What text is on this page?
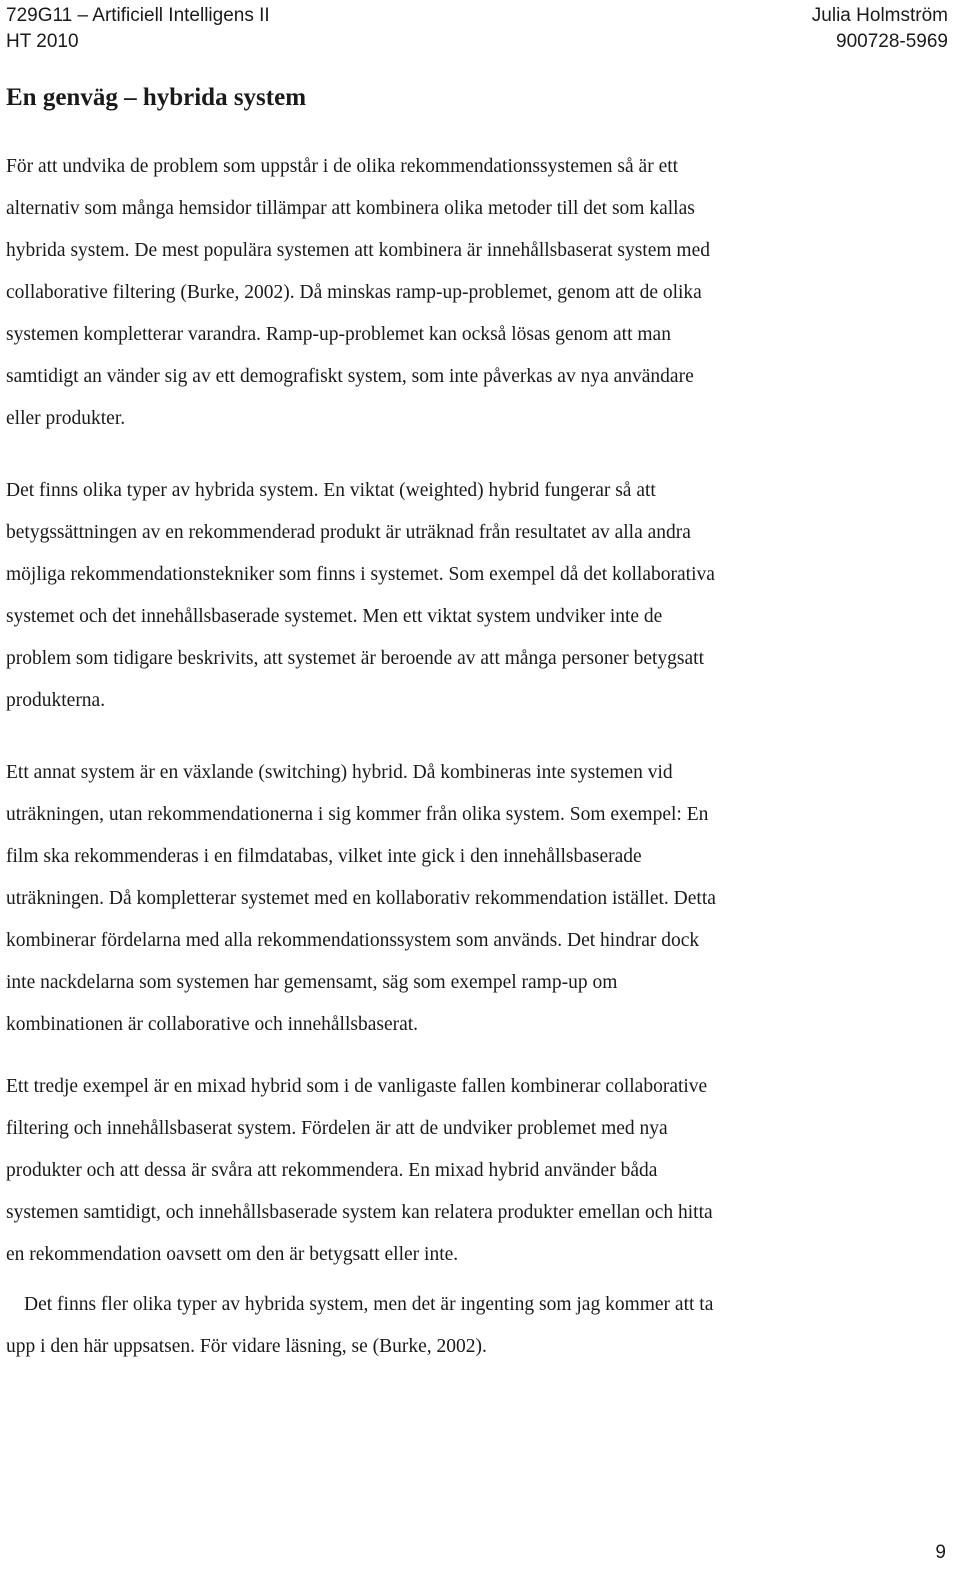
729G11 – Artificiell Intelligens II
HT 2010
Julia Holmström
900728-5969
En genväg – hybrida system
För att undvika de problem som uppstår i de olika rekommendationssystemen så är ett
alternativ som många hemsidor tillämpar att kombinera olika metoder till det som kallas
hybrida system. De mest populära systemen att kombinera är innehållsbaserat system med
collaborative filtering (Burke, 2002). Då minskas ramp-up-problemet, genom att de olika
systemen kompletterar varandra. Ramp-up-problemet kan också lösas genom att man
samtidigt an vänder sig av ett demografiskt system, som inte påverkas av nya användare
eller produkter.
Det finns olika typer av hybrida system. En viktat (weighted) hybrid fungerar så att
betygssättningen av en rekommenderad produkt är uträknad från resultatet av alla andra
möjliga rekommendationstekniker som finns i systemet. Som exempel då det kollaborativa
systemet och det innehållsbaserade systemet. Men ett viktat system undviker inte de
problem som tidigare beskrivits, att systemet är beroende av att många personer betygsatt
produkterna.
Ett annat system är en växlande (switching) hybrid. Då kombineras inte systemen vid
uträkningen, utan rekommendationerna i sig kommer från olika system. Som exempel: En
film ska rekommenderas i en filmdatabas, vilket inte gick i den innehållsbaserade
uträkningen. Då kompletterar systemet med en kollaborativ rekommendation istället. Detta
kombinerar fördelarna med alla rekommendationssystem som används. Det hindrar dock
inte nackdelarna som systemen har gemensamt, säg som exempel ramp-up om
kombinationen är collaborative och innehållsbaserat.
Ett tredje exempel är en mixad hybrid som i de vanligaste fallen kombinerar collaborative
filtering och innehållsbaserat system. Fördelen är att de undviker problemet med nya
produkter och att dessa är svåra att rekommendera. En mixad hybrid använder båda
systemen samtidigt, och innehållsbaserade system kan relatera produkter emellan och hitta
en rekommendation oavsett om den är betygsatt eller inte.
Det finns fler olika typer av hybrida system, men det är ingenting som jag kommer att ta
upp i den här uppsatsen. För vidare läsning, se (Burke, 2002).
9
